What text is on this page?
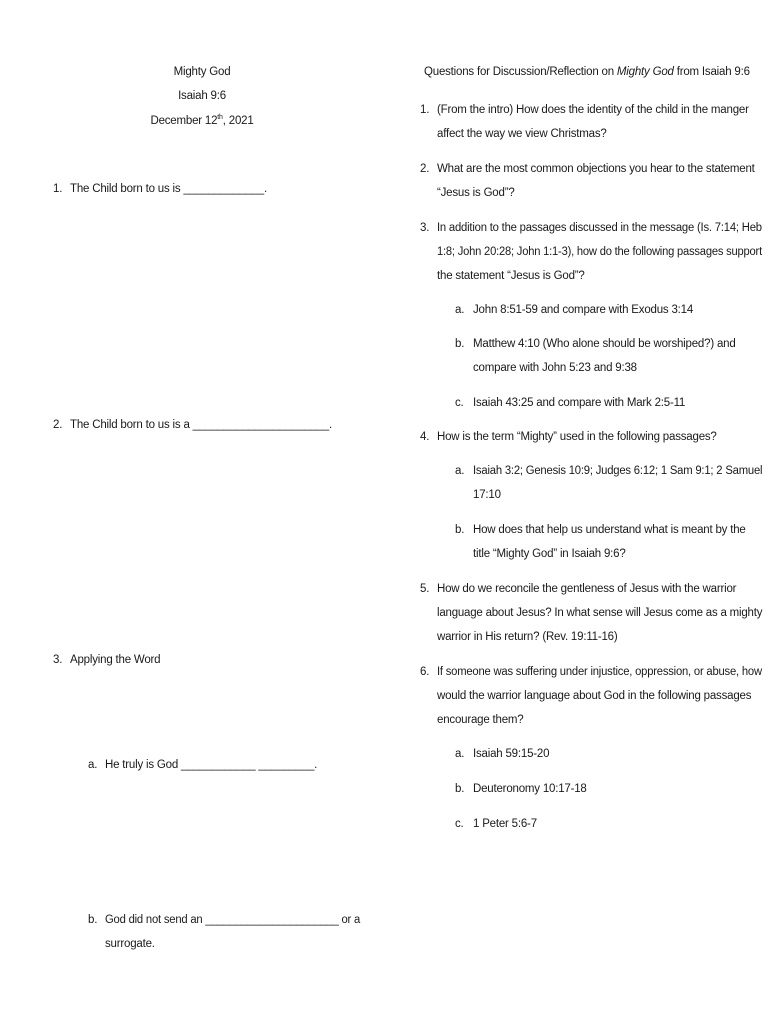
Mighty God
Isaiah 9:6
December 12th, 2021
1. The Child born to us is _____________.
2. The Child born to us is a ______________________.
3. Applying the Word
a. He truly is God ____________ _________.
b. God did not send an ______________________ or a
surrogate.
Questions for Discussion/Reflection on Mighty God from Isaiah 9:6
1. (From the intro) How does the identity of the child in the manger
affect the way we view Christmas?
2. What are the most common objections you hear to the statement
“Jesus is God”?
3. In addition to the passages discussed in the message (Is. 7:14; Heb
1:8; John 20:28; John 1:1-3), how do the following passages support
the statement “Jesus is God”?
a. John 8:51-59 and compare with Exodus 3:14
b. Matthew 4:10 (Who alone should be worshiped?) and
compare with John 5:23 and 9:38
c. Isaiah 43:25 and compare with Mark 2:5-11
4. How is the term “Mighty” used in the following passages?
a. Isaiah 3:2; Genesis 10:9; Judges 6:12; 1 Sam 9:1; 2 Samuel
17:10
b. How does that help us understand what is meant by the
title “Mighty God” in Isaiah 9:6?
5. How do we reconcile the gentleness of Jesus with the warrior
language about Jesus? In what sense will Jesus come as a mighty
warrior in His return? (Rev. 19:11-16)
6. If someone was suffering under injustice, oppression, or abuse, how
would the warrior language about God in the following passages
encourage them?
a. Isaiah 59:15-20
b. Deuteronomy 10:17-18
c. 1 Peter 5:6-7
